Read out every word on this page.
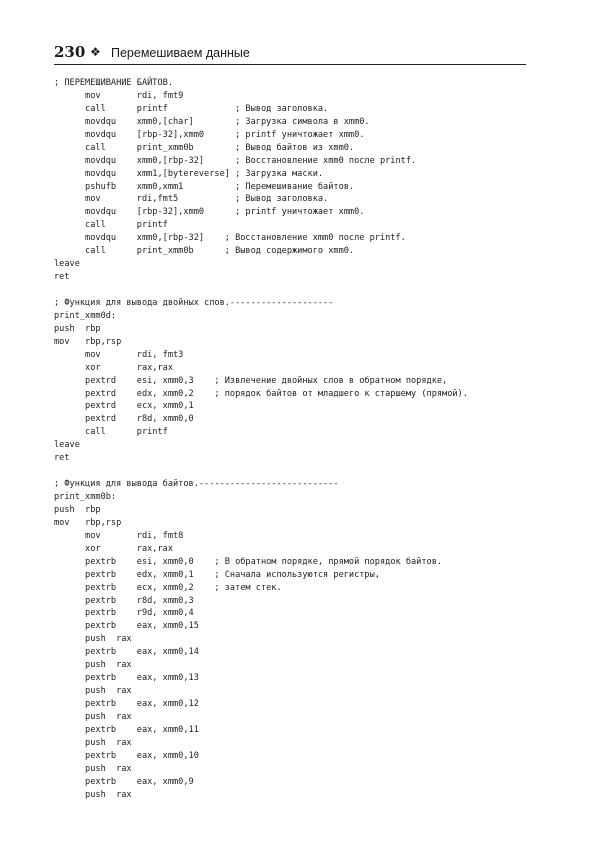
230 ❖ Перемешиваем данные
; ПЕРЕМЕШИВАНИЕ БАЙТОВ.
mov       rdi, fmt9
call      printf             ; Вывод заголовка.
movdqu    xmm0,[char]        ; Загрузка символа в xmm0.
movdqu    [rbp-32],xmm0      ; printf уничтожает xmm0.
call      print_xmm0b        ; Вывод байтов из xmm0.
movdqu    xmm0,[rbp-32]      ; Восстановление xmm0 после printf.
movdqu    xmm1,[bytereverse] ; Загрузка маски.
pshufb    xmm0,xmm1          ; Перемешивание байтов.
mov       rdi,fmt5           ; Вывод заголовка.
movdqu    [rbp-32],xmm0      ; printf уничтожает xmm0.
call      printf
movdqu    xmm0,[rbp-32]    ; Восстановление xmm0 после printf.
call      print_xmm0b      ; Вывод содержимого xmm0.
leave
ret
; Функция для вывода двойных слов.--------------------
print_xmm0d:
push  rbp
mov   rbp,rsp
mov       rdi, fmt3
xor       rax,rax
pextrd    esi, xmm0,3    ; Извлечение двойных слов в обратном порядке,
pextrd    edx, xmm0,2    ; порядок байтов от младшего к старшему (прямой).
pextrd    ecx, xmm0,1
pextrd    r8d, xmm0,0
call      printf
leave
ret
; Функция для вывода байтов.---------------------------
print_xmm0b:
push  rbp
mov   rbp,rsp
mov       rdi, fmt8
xor       rax,rax
pextrb    esi, xmm0,0    ; В обратном порядке, прямой порядок байтов.
pextrb    edx, xmm0,1    ; Сначала используются регистры,
pextrb    ecx, xmm0,2    ; затем стек.
pextrb    r8d, xmm0,3
pextrb    r9d, xmm0,4
pextrb    eax, xmm0,15
push  rax
pextrb    eax, xmm0,14
push  rax
pextrb    eax, xmm0,13
push  rax
pextrb    eax, xmm0,12
push  rax
pextrb    eax, xmm0,11
push  rax
pextrb    eax, xmm0,10
push  rax
pextrb    eax, xmm0,9
push  rax
